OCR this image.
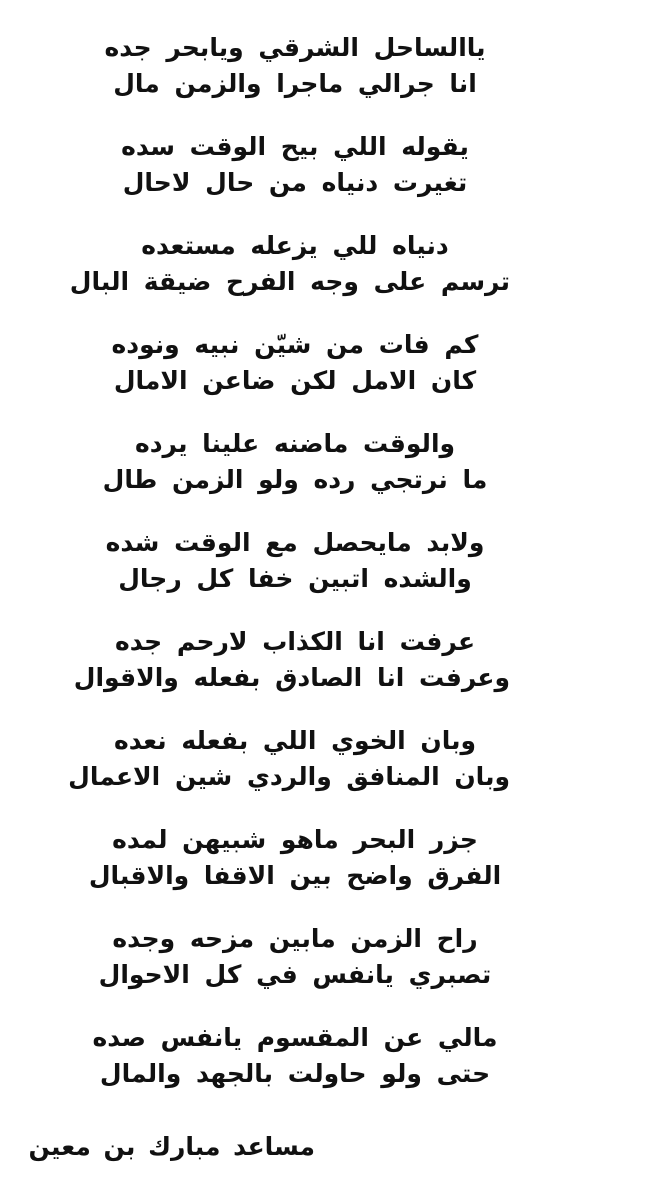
ياالساحل الشرقي ويابحر جده
انا جرالي ماجرا والزمن مال
يقوله اللي بيح الوقت سده
تغيرت دنياه من حال لاحال
دنياه للي يزعله مستعده
ترسم على وجه الفرح ضيقة البال
كم فات من شيّن نبيه ونوده
كان الامل لكن ضاعن الامال
والوقت ماضنه علينا يرده
ما نرتجي رده ولو الزمن طال
ولابد مايحصل مع الوقت شده
والشده اتبين خفا كل رجال
عرفت انا الكذاب لارحم جده
وعرفت انا الصادق بفعله والاقوال
وبان الخوي اللي بفعله نعده
وبان المنافق والردي شين الاعمال
جزر البحر ماهو شبيهن لمده
الفرق واضح بين الاقفا والاقبال
راح الزمن مابين مزحه وجده
تصبري يانفس في كل الاحوال
مالي عن المقسوم يانفس صده
حتى ولو حاولت بالجهد والمال
مساعد مبارك بن معين
